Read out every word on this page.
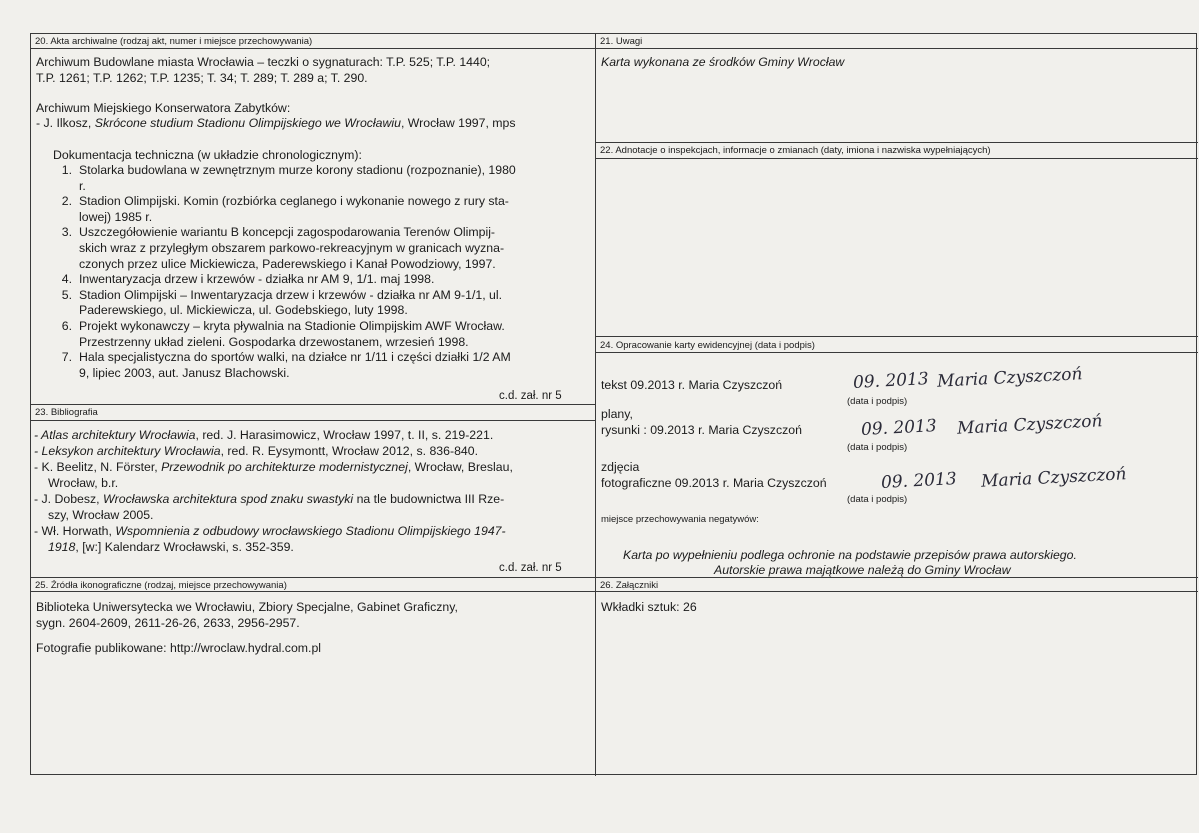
20. Akta archiwalne (rodzaj akt, numer i miejsce przechowywania)
Archiwum Budowlane miasta Wrocławia – teczki o sygnaturach: T.P. 525; T.P. 1440;
T.P. 1261; T.P. 1262; T.P. 1235; T. 34; T. 289; T. 289 a; T. 290.
Archiwum Miejskiego Konserwatora Zabytków:
- J. Ilkosz, Skrócone studium Stadionu Olimpijskiego we Wrocławiu, Wrocław 1997, mps
Dokumentacja techniczna (w układzie chronologicznym):
1. Stolarka budowlana w zewnętrznym murze korony stadionu (rozpoznanie), 1980
r.
2. Stadion Olimpijski. Komin (rozbiórka ceglanego i wykonanie nowego z rury sta-
lowej) 1985 r.
3. Uszczegółowienie wariantu B koncepcji zagospodarowania Terenów Olimpij-
skich wraz z przyległym obszarem parkowo-rekreacyjnym w granicach wyzna-
czonych przez ulice Mickiewicza, Paderewskiego i Kanał Powodziowy, 1997.
4. Inwentaryzacja drzew i krzewów - działka nr AM 9, 1/1. maj 1998.
5. Stadion Olimpijski – Inwentaryzacja drzew i krzewów - działka nr AM 9-1/1, ul.
Paderewskiego, ul. Mickiewicza, ul. Godebskiego, luty 1998.
6. Projekt wykonawczy – kryta pływalnia na Stadionie Olimpijskim AWF Wrocław.
Przestrzenny układ zieleni. Gospodarka drzewostanem, wrzesień 1998.
7. Hala specjalistyczna do sportów walki, na działce nr 1/11 i części działki 1/2 AM
9, lipiec 2003, aut. Janusz Blachowski.
c.d. zał. nr 5
21. Uwagi
Karta wykonana ze środków Gminy Wrocław
22. Adnotacje o inspekcjach, informacje o zmianach (daty, imiona i nazwiska wypełniających)
23. Bibliografia
- Atlas architektury Wrocławia, red. J. Harasimowicz, Wrocław 1997, t. II, s. 219-221.
- Leksykon architektury Wrocławia, red. R. Eysymontt, Wrocław 2012, s. 836-840.
- K. Beelitz, N. Förster, Przewodnik po architekturze modernistycznej, Wrocław, Breslau,
Wrocław, b.r.
- J. Dobesz, Wrocławska architektura spod znaku swastyki na tle budownictwa III Rze-
szy, Wrocław 2005.
- Wł. Horwath, Wspomnienia z odbudowy wrocławskiego Stadionu Olimpijskiego 1947-
1918, [w:] Kalendarz Wrocławski, s. 352-359.
c.d. zał. nr 5
24. Opracowanie karty ewidencyjnej (data i podpis)
tekst 09.2013 r. Maria Czyszczoń
(data i podpis)
09. 2013 Maria Czyszczoń
plany,
rysunki : 09.2013 r. Maria Czyszczoń
(data i podpis)
09. 2013 Maria Czyszczoń
zdjęcia
fotograficzne 09.2013 r. Maria Czyszczoń
(data i podpis)
09. 2013 Maria Czyszczoń
miejsce przechowywania negatywów:
Karta po wypełnieniu podlega ochronie na podstawie przepisów prawa autorskiego.
Autorskie prawa majątkowe należą do Gminy Wrocław
25. Źródła ikonograficzne (rodzaj, miejsce przechowywania)
Biblioteka Uniwersytecka we Wrocławiu, Zbiory Specjalne, Gabinet Graficzny,
sygn. 2604-2609, 2611-26-26, 2633, 2956-2957.
Fotografie publikowane: http://wroclaw.hydral.com.pl
26. Załączniki
Wkładki sztuk: 26
